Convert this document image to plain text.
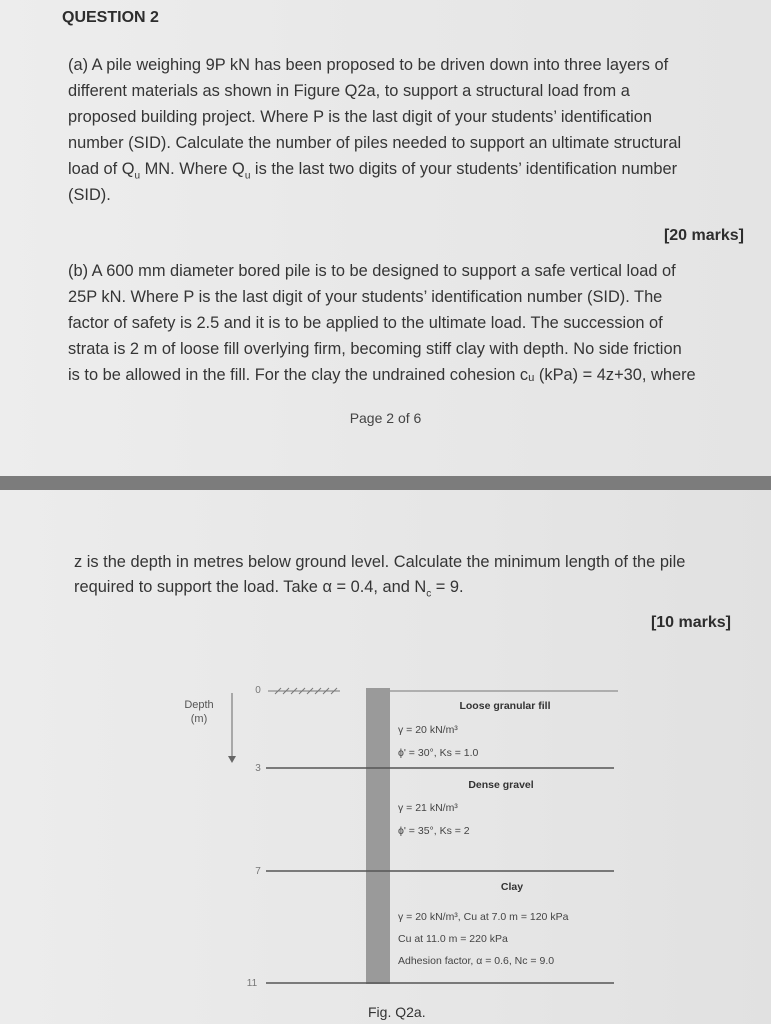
QUESTION 2

(a) A pile weighing 9P kN has been proposed to be driven down into three layers of

different materials as shown in Figure Q2a, to support a structural load from a

proposed building project. Where P is the last digit of your students’ identification

number (SID). Calculate the number of piles needed to support an ultimate structural

load of $Q_u$ MN. Where $Q_u$ is the last two digits of your students’ identification number

(SID).

[20 marks]

(b) A 600 mm diameter bored pile is to be designed to support a safe vertical load of

25P kN. Where P is the last digit of your students’ identification number (SID). The

factor of safety is 2.5 and it is to be applied to the ultimate load. The succession of

strata is 2 m of loose fill overlying firm, becoming stiff clay with depth. No side friction

is to be allowed in the fill. For the clay the undrained cohesion cᵤ (kPa) = 4z+30, where

Page 2 of 6

z is the depth in metres below ground level. Calculate the minimum length of the pile

required to support the load. Take α = 0.4, and $N_c = 9$.

[10 marks]
Depth
(m)
0
3
7
11
Loose granular fill
γ = 20 kN/m³
ϕ' = 30°, Ks = 1.0
Dense gravel
γ = 21 kN/m³
ϕ' = 35°, Ks = 2
Clay
γ = 20 kN/m³, Cu at 7.0 m = 120 kPa
Cu at 11.0 m = 220 kPa
Adhesion factor, α = 0.6, Nc = 9.0
Fig. Q2a.
